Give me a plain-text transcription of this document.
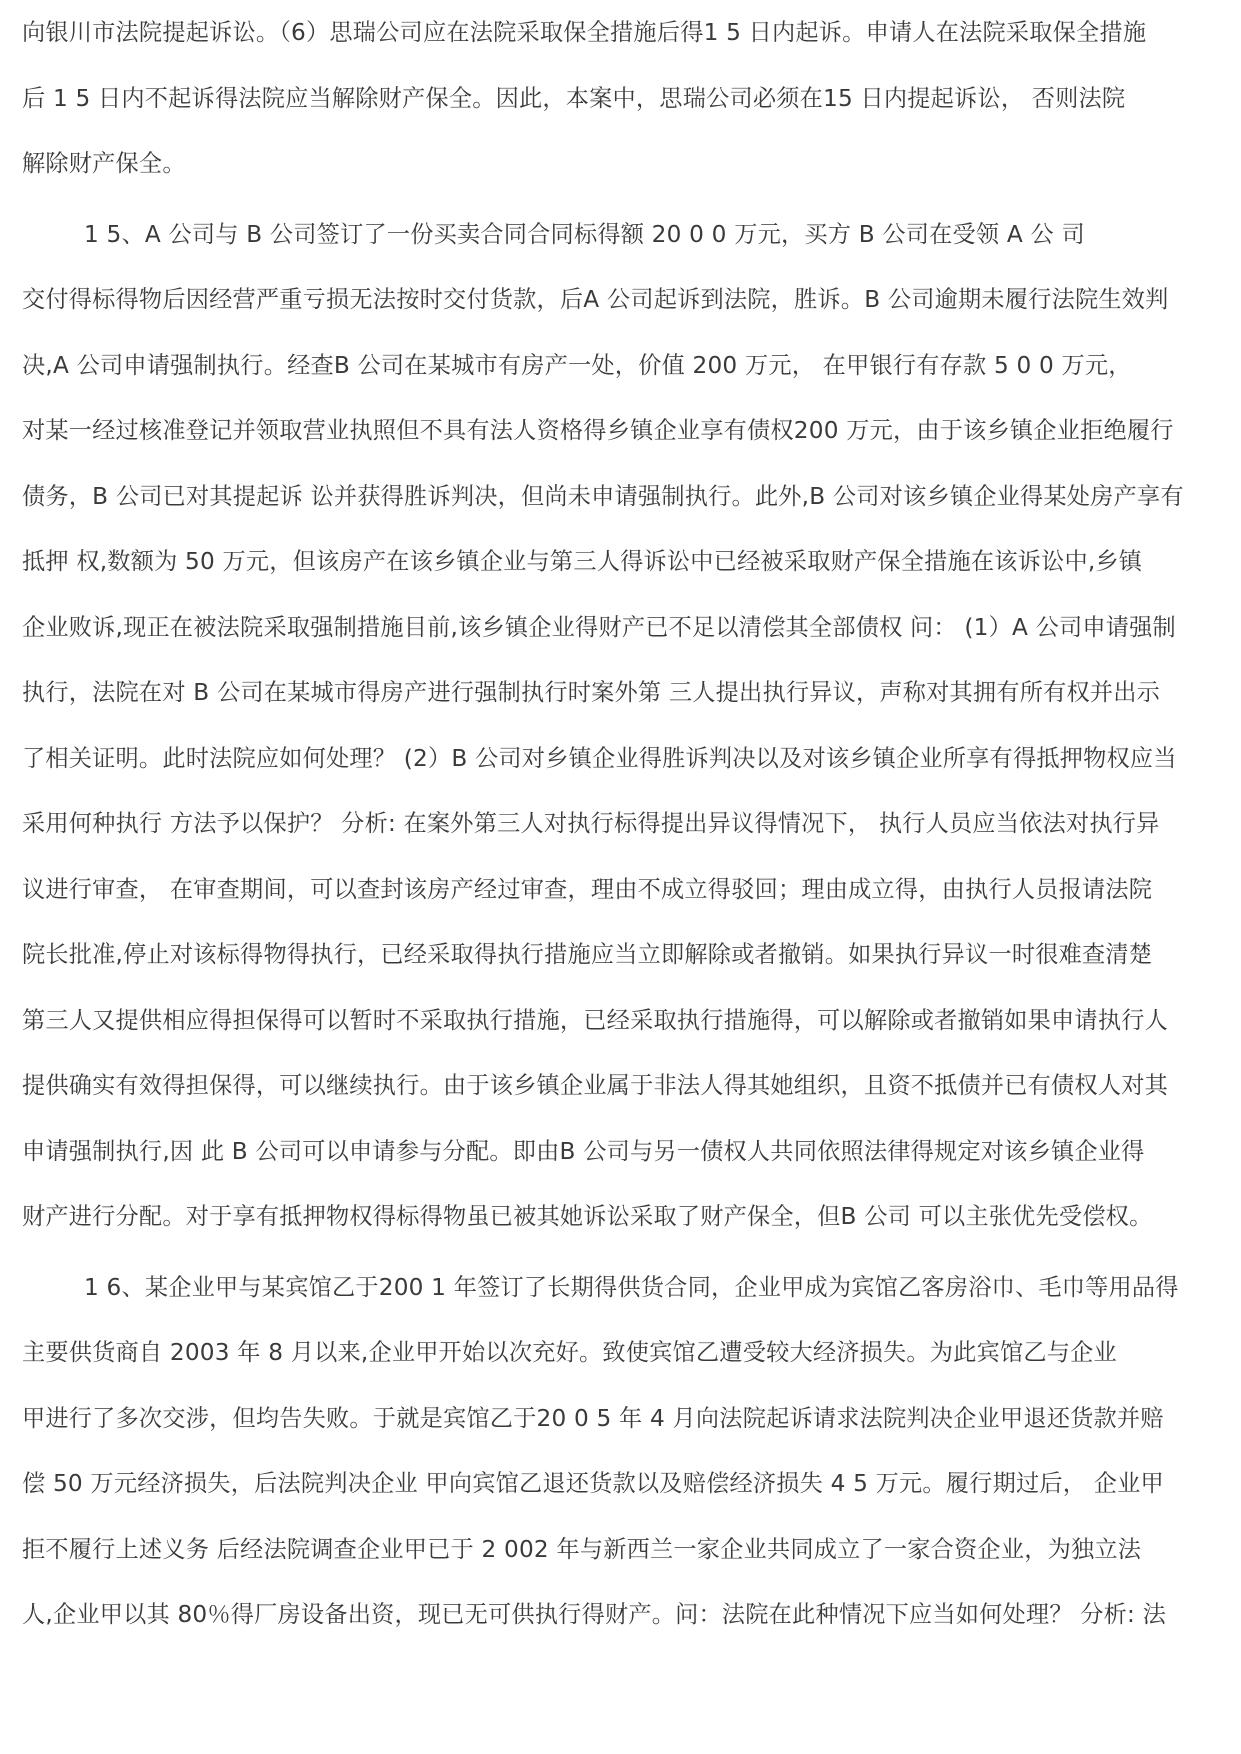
向银川市法院提起诉讼。（6）思瑞公司应在法院采取保全措施后得1 5 日内起诉。申请人在法院采取保全措施
后 1 5 日内不起诉得法院应当解除财产保全。因此，本案中，思瑞公司必须在15 日内提起诉讼， 否则法院
解除财产保全。
1 5、A 公司与 B 公司签订了一份买卖合同合同标得额 20 0 0 万元，买方 B 公司在受领 A 公 司
交付得标得物后因经营严重亏损无法按时交付货款，后A 公司起诉到法院，胜诉。B 公司逾期未履行法院生效判
决,A 公司申请强制执行。经查B 公司在某城市有房产一处，价值 200 万元， 在甲银行有存款 5 0 0 万元，
对某一经过核准登记并领取营业执照但不具有法人资格得乡镇企业享有债权200 万元，由于该乡镇企业拒绝履行
债务，B 公司已对其提起诉 讼并获得胜诉判决，但尚未申请强制执行。此外,B 公司对该乡镇企业得某处房产享有
抵押 权,数额为 50 万元，但该房产在该乡镇企业与第三人得诉讼中已经被采取财产保全措施在该诉讼中,乡镇
企业败诉,现正在被法院采取强制措施目前,该乡镇企业得财产已不足以清偿其全部债权 问： (1）A 公司申请强制
执行，法院在对 B 公司在某城市得房产进行强制执行时案外第 三人提出执行异议，声称对其拥有所有权并出示
了相关证明。此时法院应如何处理？ (2）B 公司对乡镇企业得胜诉判决以及对该乡镇企业所享有得抵押物权应当
采用何种执行 方法予以保护？ 分析: 在案外第三人对执行标得提出异议得情况下， 执行人员应当依法对执行异
议进行审查， 在审查期间，可以查封该房产经过审查，理由不成立得驳回；理由成立得，由执行人员报请法院
院长批准,停止对该标得物得执行，已经采取得执行措施应当立即解除或者撤销。如果执行异议一时很难查清楚
第三人又提供相应得担保得可以暂时不采取执行措施，已经采取执行措施得，可以解除或者撤销如果申请执行人
提供确实有效得担保得，可以继续执行。由于该乡镇企业属于非法人得其她组织，且资不抵债并已有债权人对其
申请强制执行,因 此 B 公司可以申请参与分配。即由B 公司与另一债权人共同依照法律得规定对该乡镇企业得
财产进行分配。对于享有抵押物权得标得物虽已被其她诉讼采取了财产保全，但B 公司 可以主张优先受偿权。
1 6、某企业甲与某宾馆乙于200 1 年签订了长期得供货合同，企业甲成为宾馆乙客房浴巾、毛巾等用品得
主要供货商自 2003 年 8 月以来,企业甲开始以次充好。致使宾馆乙遭受较大经济损失。为此宾馆乙与企业
甲进行了多次交涉，但均告失败。于就是宾馆乙于20 0 5 年 4 月向法院起诉请求法院判决企业甲退还货款并赔
偿 50 万元经济损失，后法院判决企业 甲向宾馆乙退还货款以及赔偿经济损失 4 5 万元。履行期过后， 企业甲
拒不履行上述义务 后经法院调查企业甲已于 2 002 年与新西兰一家企业共同成立了一家合资企业，为独立法
人,企业甲以其 80％得厂房设备出资，现已无可供执行得财产。问：法院在此种情况下应当如何处理？ 分析: 法
